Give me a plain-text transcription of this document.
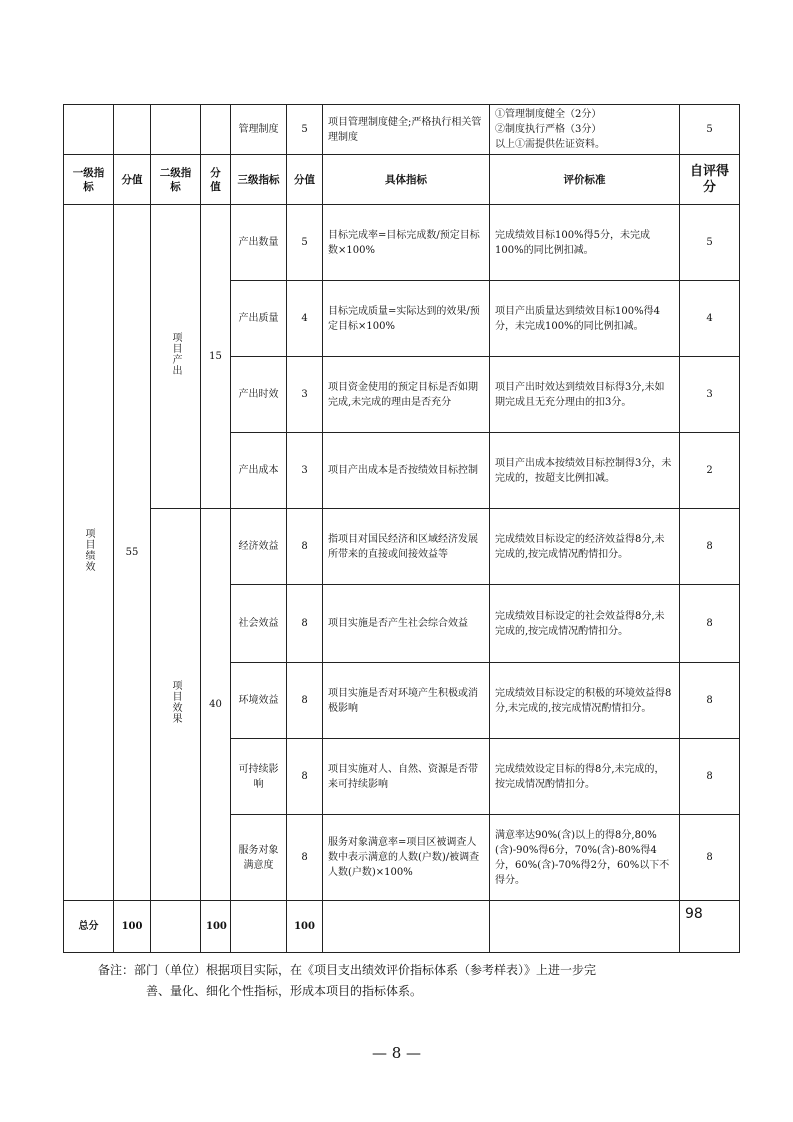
				管理制度	5	项目管理制度健全;严格执行相关管理制度	①管理制度健全（2分）
②制度执行严格（3分）
以上①需提供佐证资料。	5
一级指标	分值	二级指标	分值	三级指标	分值	具体指标	评价标准	自评得分
项目绩效	55	项目产出	15	产出数量	5	目标完成率=目标完成数/预定目标数×100%	完成绩效目标100%得5分，未完成100%的同比例扣减。	5
				产出质量	4	目标完成质量=实际达到的效果/预定目标×100%	项目产出质量达到绩效目标100%得4分，未完成100%的同比例扣减。	4
				产出时效	3	项目资金使用的预定目标是否如期完成,未完成的理由是否充分	项目产出时效达到绩效目标得3分,未如期完成且无充分理由的扣3分。	3
				产出成本	3	项目产出成本是否按绩效目标控制	项目产出成本按绩效目标控制得3分，未完成的，按超支比例扣减。	2
		项目效果	40	经济效益	8	指项目对国民经济和区域经济发展所带来的直接或间接效益等	完成绩效目标设定的经济效益得8分,未完成的,按完成情况酌情扣分。	8
				社会效益	8	项目实施是否产生社会综合效益	完成绩效目标设定的社会效益得8分,未完成的,按完成情况酌情扣分。	8
				环境效益	8	项目实施是否对环境产生积极或消极影响	完成绩效目标设定的积极的环境效益得8分,未完成的,按完成情况酌情扣分。	8
				可持续影响	8	项目实施对人、自然、资源是否带来可持续影响	完成绩效设定目标的得8分,未完成的，按完成情况酌情扣分。	8
				服务对象满意度	8	服务对象满意率=项目区被调查人数中表示满意的人数(户数)/被调查人数(户数)×100%	满意率达90%(含)以上的得8分,80%(含)-90%得6分，70%(含)-80%得4分，60%(含)-70%得2分，60%以下不得分。	8
总分	100		100		100			98
备注：部门（单位）根据项目实际，在《项目支出绩效评价指标体系（参考样表）》上进一步完
善、量化、细化个性指标，形成本项目的指标体系。
— 8 —
